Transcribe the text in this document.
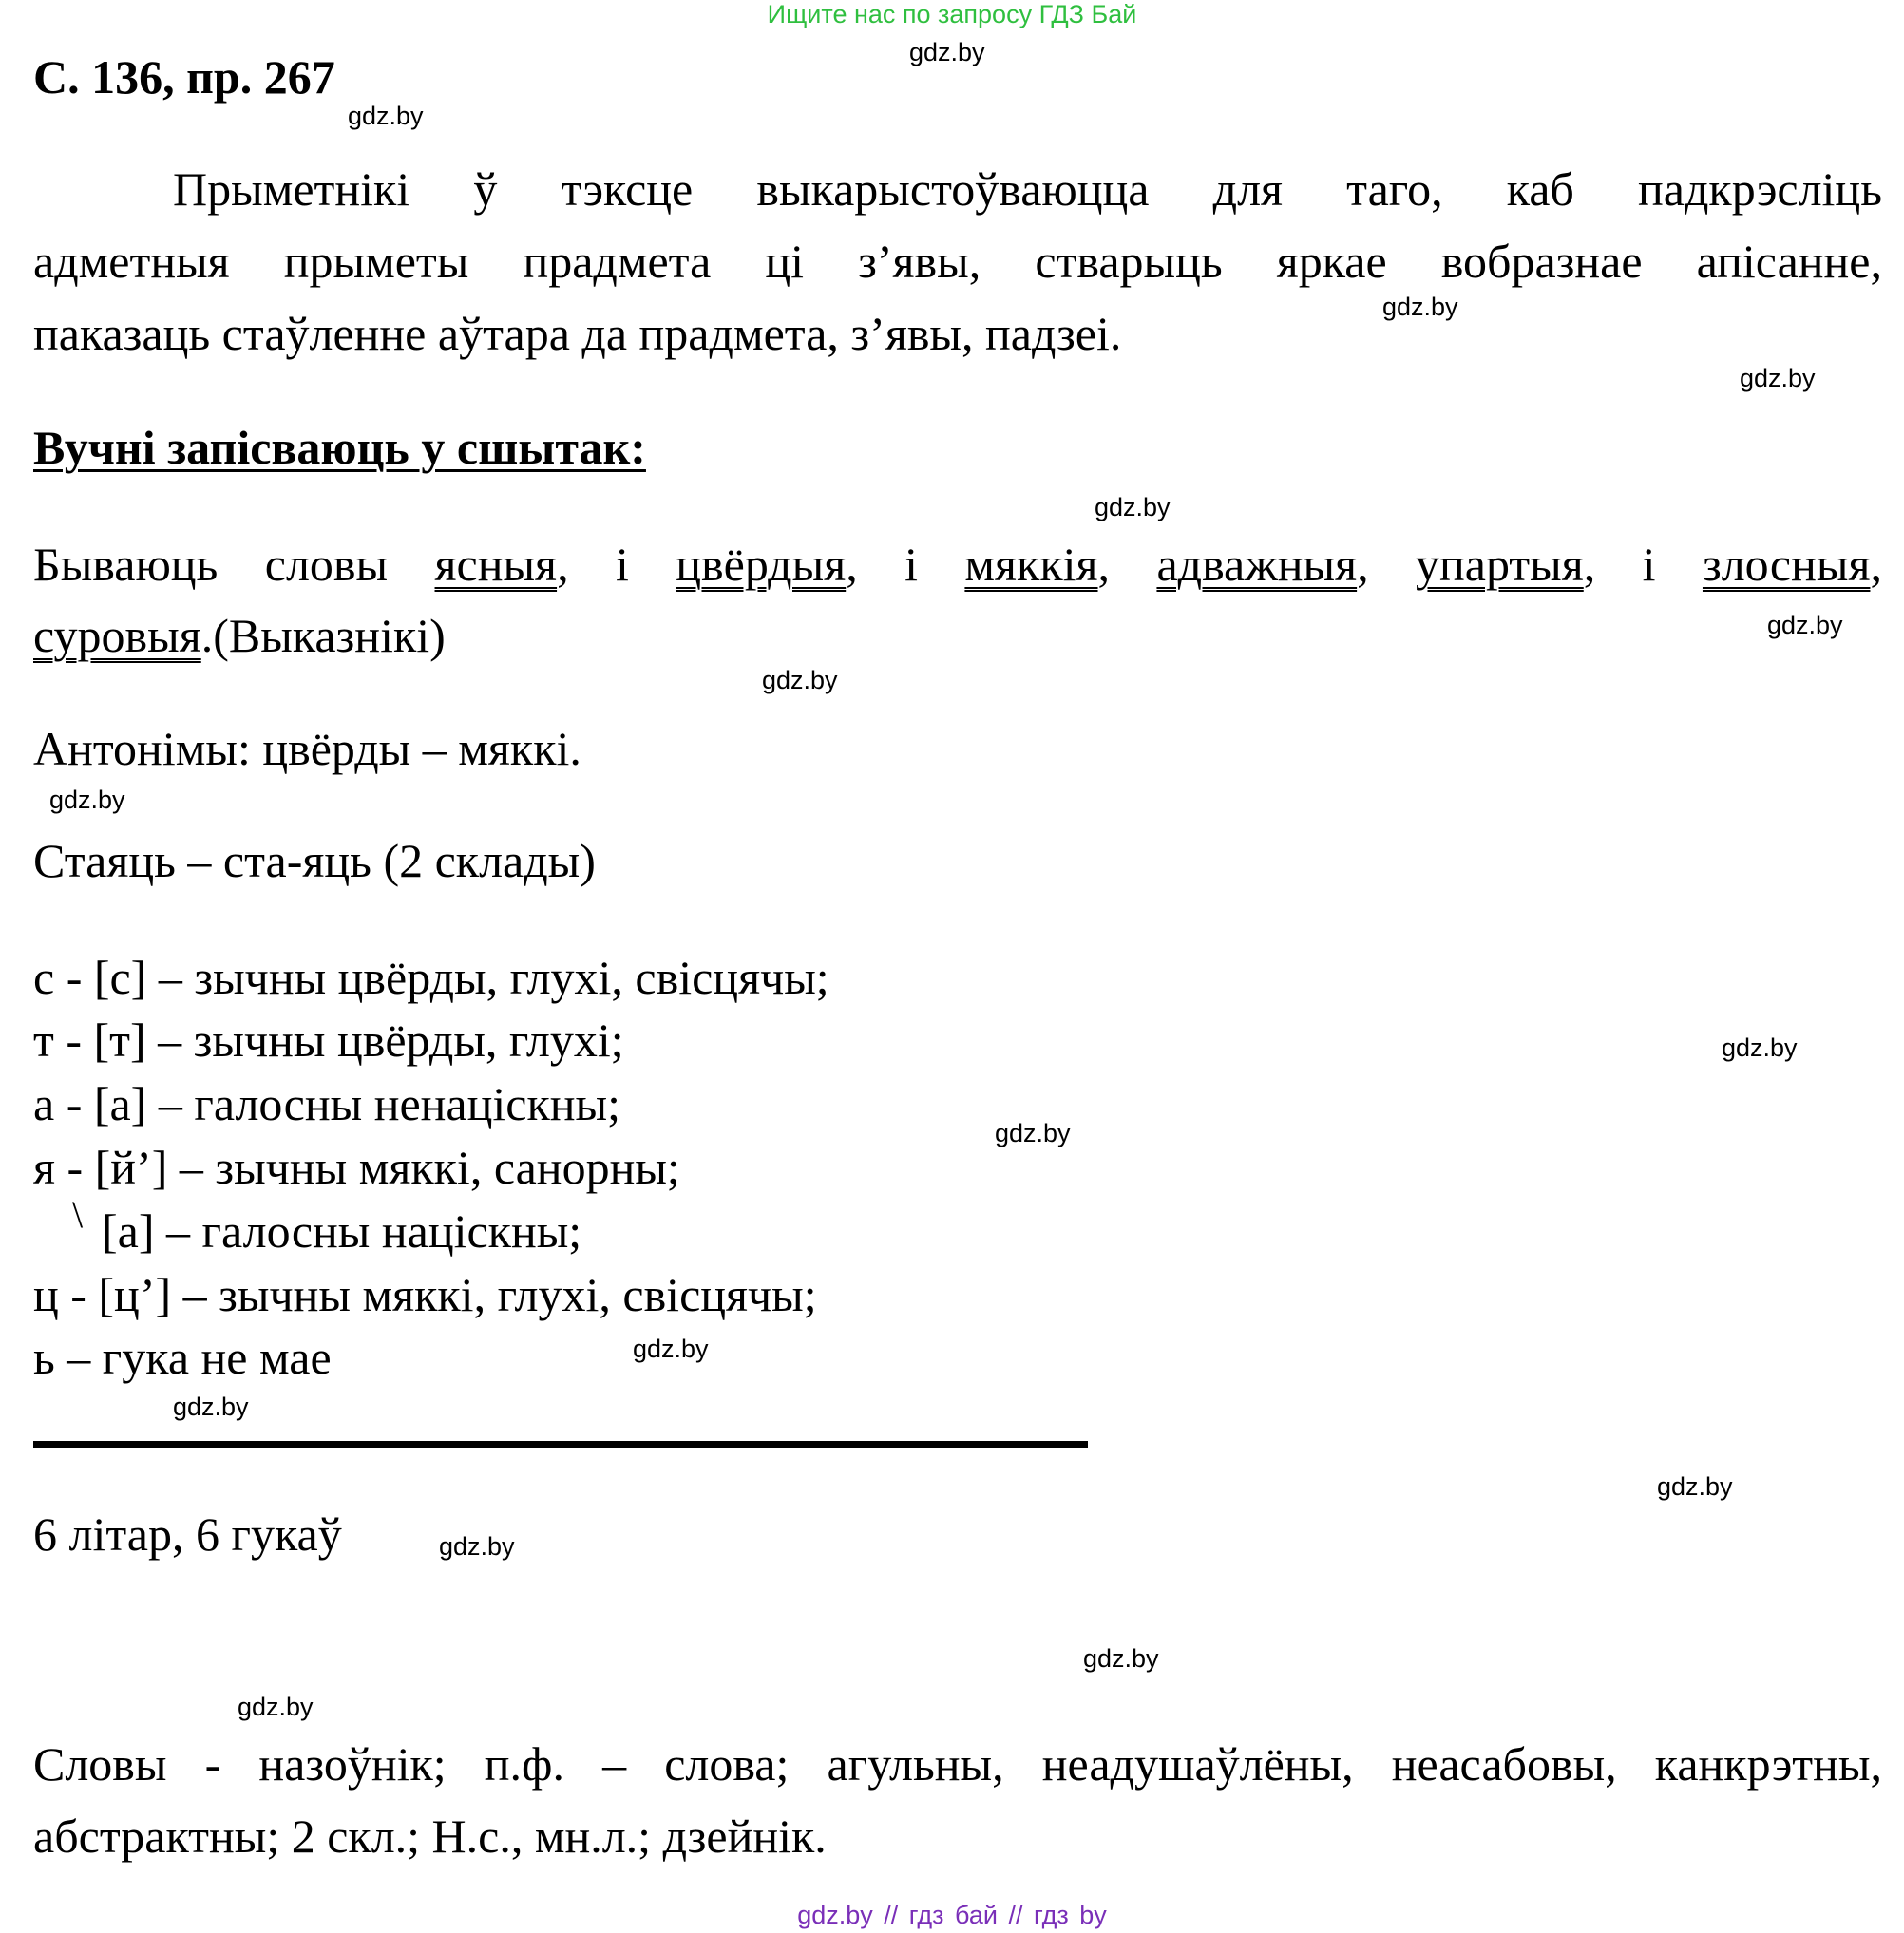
Ищите нас по запросу ГДЗ Бай
С. 136, пр. 267
Прыметнікі ў тэксце выкарыстоўваюцца для таго, каб падкрэсліць
адметныя прыметы прадмета ці з’явы, стварыць яркае вобразнае апісанне,
паказаць стаўленне аўтара да прадмета, з’явы, падзеі.
Вучні запісваюць у сшытак:
Бываюць словы ясныя, і цвёрдыя, і мяккія, адважныя, упартыя, і злосныя,
суровыя.(Выказнікі)
Антонімы: цвёрды – мяккі.
Стаяць – ста-яць (2 склады)
с - [с] – зычны цвёрды, глухі, свісцячы;
т - [т] – зычны цвёрды, глухі;
а - [а] – галосны ненаціскны;
я - [й’] – зычны мяккі, санорны;
\ [а] – галосны націскны;
ц - [ц’] – зычны мяккі, глухі, свісцячы;
ь – гука не мае
6 літар, 6 гукаў
Словы - назоўнік; п.ф. – слова; агульны, неадушаўлёны, неасабовы, канкрэтны,
абстрактны; 2 скл.; Н.с., мн.л.; дзейнік.
gdz.by
gdz.by
gdz.by
gdz.by
gdz.by
gdz.by
gdz.by
gdz.by
gdz.by
gdz.by
gdz.by
gdz.by
gdz.by
gdz.by
gdz.by
gdz.by
gdz.by // гдз бай // гдз by
